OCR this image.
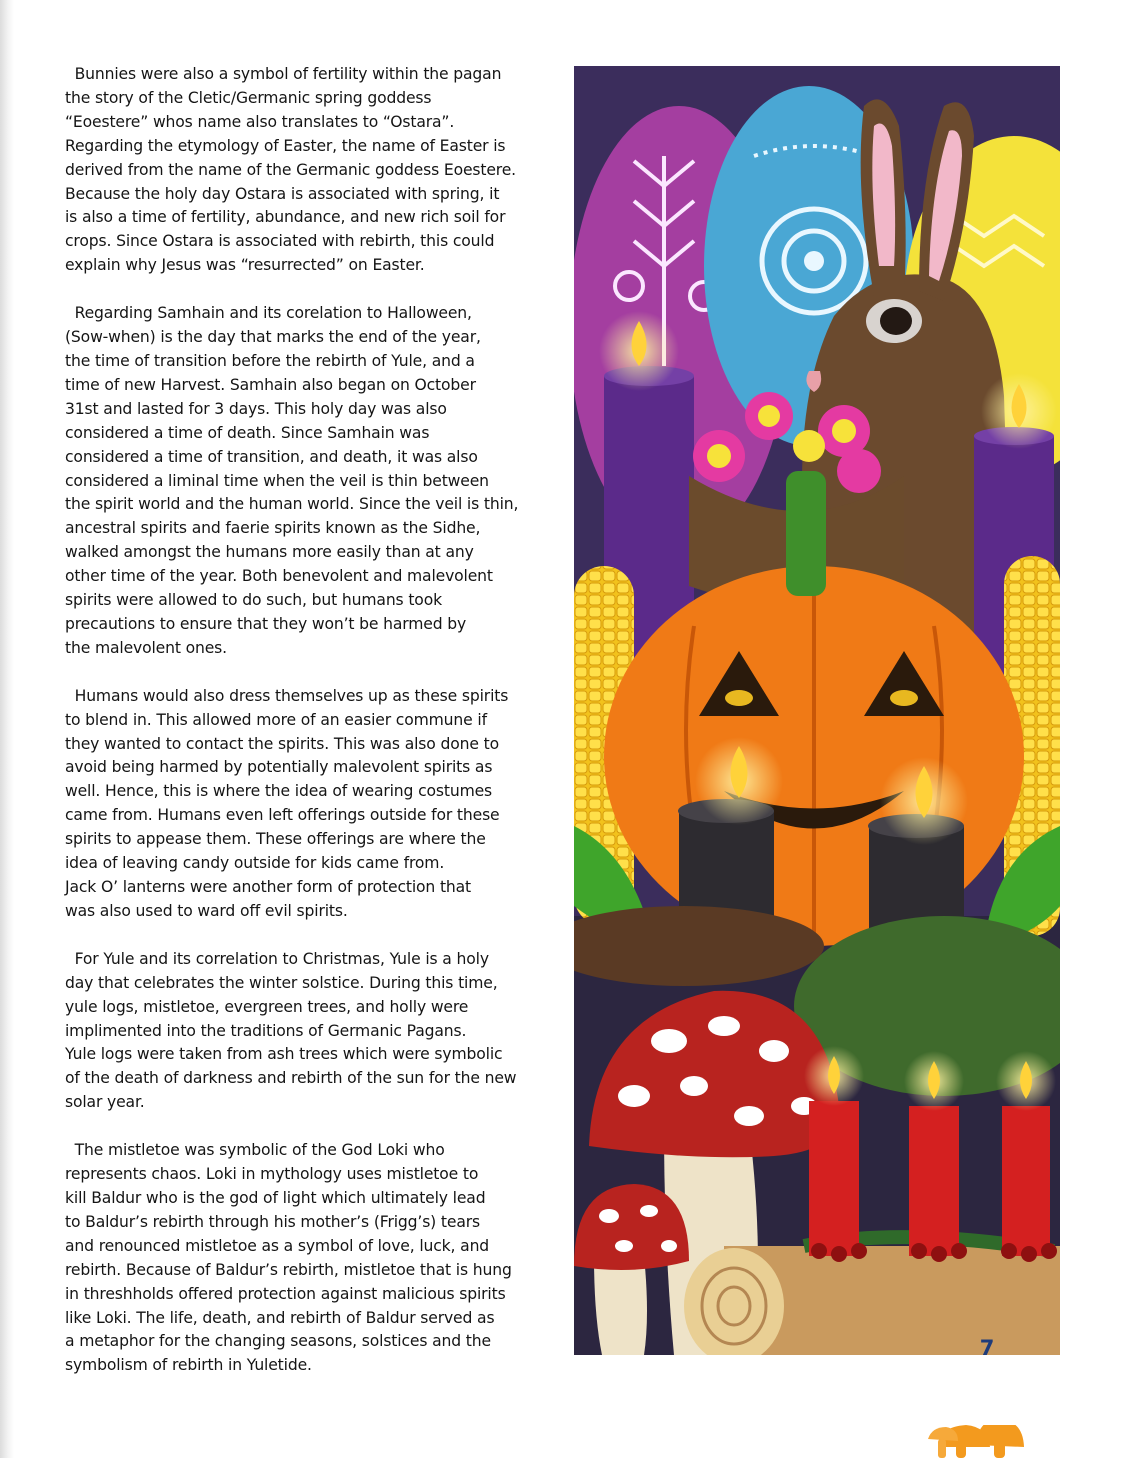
Bunnies were also a symbol of fertility within the pagan
the story of the Cletic/Germanic spring goddess
“Eoestere” whos name also translates to “Ostara”.
Regarding the etymology of Easter, the name of Easter is
derived from the name of the Germanic goddess Eoestere.
Because the holy day Ostara is associated with spring, it
is also a time of fertility, abundance, and new rich soil for
crops. Since Ostara is associated with rebirth, this could
explain why Jesus was “resurrected” on Easter.

Regarding Samhain and its corelation to Halloween,
(Sow-when) is the day that marks the end of the year,
the time of transition before the rebirth of Yule, and a
time of new Harvest. Samhain also began on October
31st and lasted for 3 days. This holy day was also
considered a time of death. Since Samhain was
considered a time of transition, and death, it was also
considered a liminal time when the veil is thin between
the spirit world and the human world. Since the veil is thin,
ancestral spirits and faerie spirits known as the Sidhe,
walked amongst the humans more easily than at any
other time of the year. Both benevolent and malevolent
spirits were allowed to do such, but humans took
precautions to ensure that they won’t be harmed by
the malevolent ones.

Humans would also dress themselves up as these spirits
to blend in. This allowed more of an easier commune if
they wanted to contact the spirits. This was also done to
avoid being harmed by potentially malevolent spirits as
well. Hence, this is where the idea of wearing costumes
came from. Humans even left offerings outside for these
spirits to appease them. These offerings are where the
idea of leaving candy outside for kids came from.
Jack O’ lanterns were another form of protection that
was also used to ward off evil spirits.

For Yule and its correlation to Christmas, Yule is a holy
day that celebrates the winter solstice. During this time,
yule logs, mistletoe, evergreen trees, and holly were
implimented into the traditions of Germanic Pagans.
Yule logs were taken from ash trees which were symbolic
of the death of darkness and rebirth of the sun for the new
solar year.

The mistletoe was symbolic of the God Loki who
represents chaos. Loki in mythology uses mistletoe to
kill Baldur who is the god of light which ultimately lead
to Baldur’s rebirth through his mother’s (Frigg’s) tears
and renounced mistletoe as a symbol of love, luck, and
rebirth. Because of Baldur’s rebirth, mistletoe that is hung
in threshholds offered protection against malicious spirits
like Loki. The life, death, and rebirth of Baldur served as
a metaphor for the changing seasons, solstices and the
symbolism of rebirth in Yuletide.

7
